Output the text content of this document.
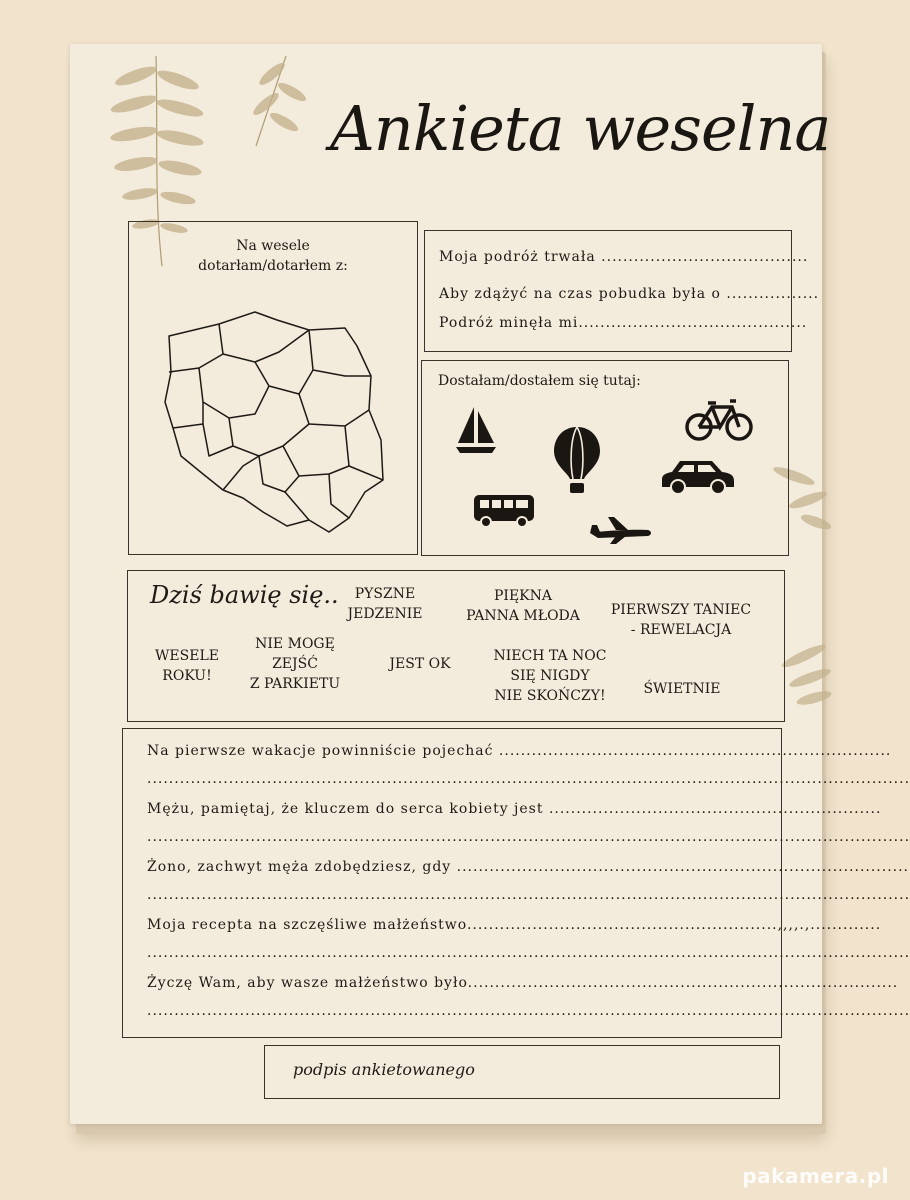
Ankieta weselna
Na wesele
dotarłam/dotarłem z:
Moja podróż trwała ......................................
Aby zdążyć na czas pobudka była o .................
Podróż minęła mi..........................................
Dostałam/dostałem się tutaj:
Dziś bawię się..	PYSZNE
JEDZENIE
PIĘKNA
PANNA MŁODA	PIERWSZY TANIEC
- REWELACJA
WESELE
ROKU!
NIE MOGĘ
ZEJŚĆ
Z PARKIETU
JEST OK	NIECH TA NOC
SIĘ NIGDY
NIE SKOŃCZY!	ŚWIETNIE
Na pierwsze wakacje powinniście pojechać ........................................................................
............................................................................................................................................
Mężu, pamiętaj, że kluczem do serca kobiety jest .............................................................
............................................................................................................................................
Żono, zachwyt męża zdobędziesz, gdy ...................................................................................
............................................................................................................................................
Moja recepta na szczęśliwe małżeństwo.........................................................,,,,.,.............
............................................................................................................................................
Życzę Wam, aby wasze małżeństwo było...............................................................................
............................................................................................................................................
podpis ankietowanego
pakamera.pl
